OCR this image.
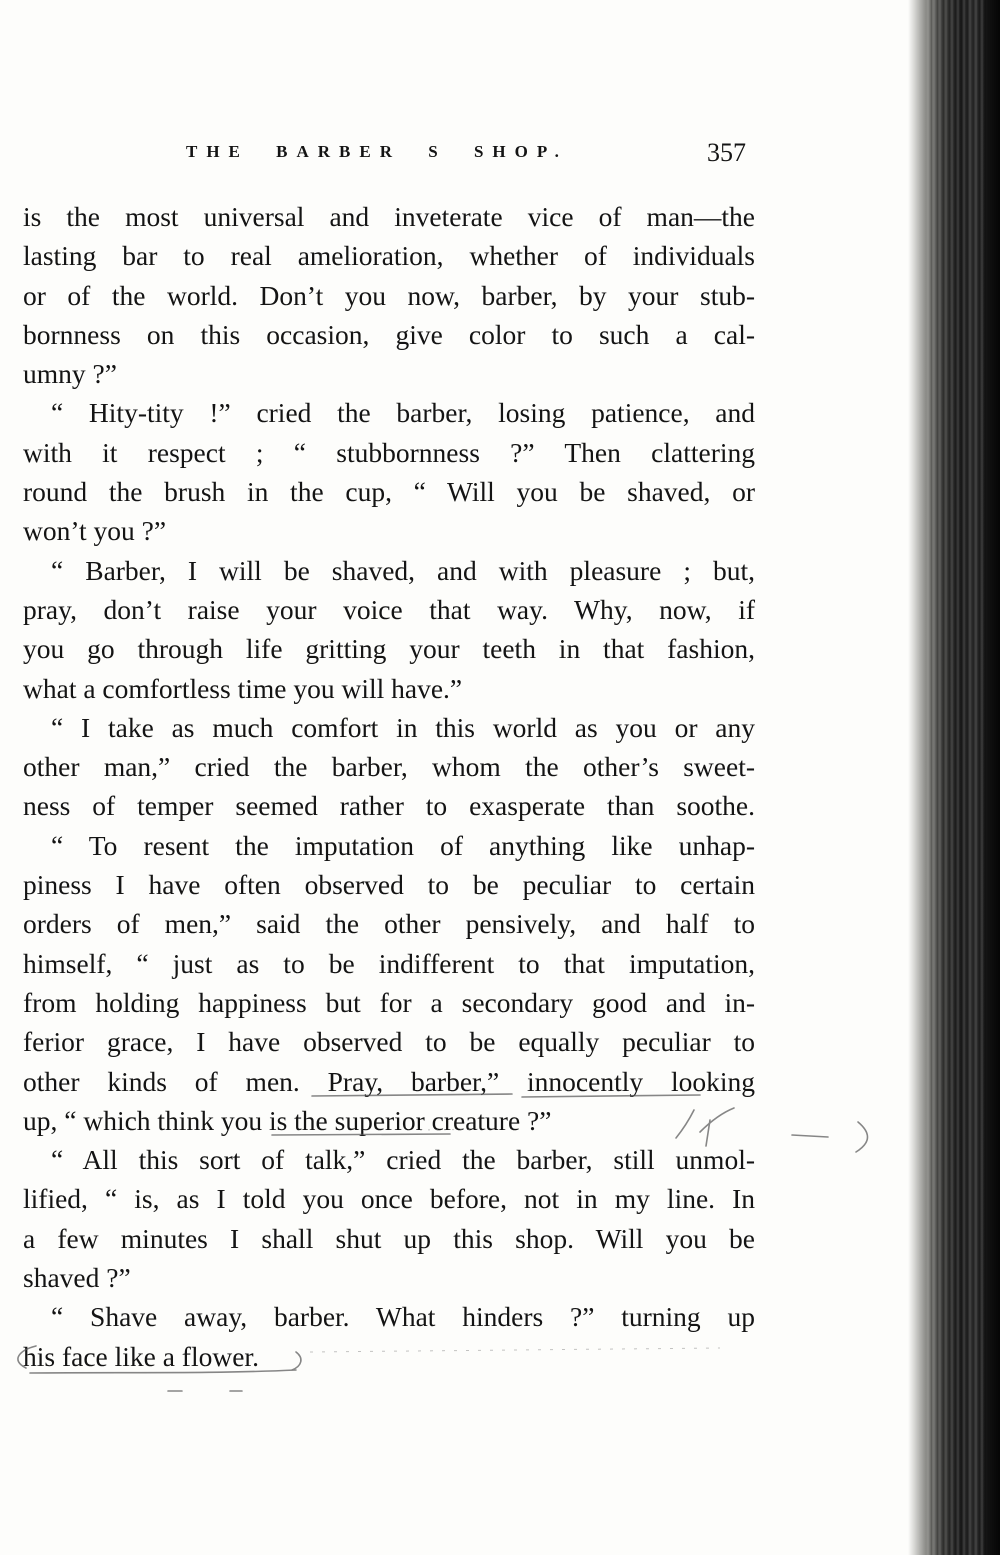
THE BARBER S SHOP.	357
is the most universal and inveterate vice of man—the
lasting bar to real amelioration, whether of individuals
or of the world. Don’t you now, barber, by your stub-
bornness on this occasion, give color to such a cal-
umny ?”
“ Hity-tity !” cried the barber, losing patience, and
with it respect ; “ stubbornness ?” Then clattering
round the brush in the cup, “ Will you be shaved, or
won’t you ?”
“ Barber, I will be shaved, and with pleasure ; but,
pray, don’t raise your voice that way. Why, now, if
you go through life gritting your teeth in that fashion,
what a comfortless time you will have.”
“ I take as much comfort in this world as you or any
other man,” cried the barber, whom the other’s sweet-
ness of temper seemed rather to exasperate than soothe.
“ To resent the imputation of anything like unhap-
piness I have often observed to be peculiar to certain
orders of men,” said the other pensively, and half to
himself, “ just as to be indifferent to that imputation,
from holding happiness but for a secondary good and in-
ferior grace, I have observed to be equally peculiar to
other kinds of men. Pray, barber,” innocently looking
up, “ which think you is the superior creature ?”
“ All this sort of talk,” cried the barber, still unmol-
lified, “ is, as I told you once before, not in my line. In
a few minutes I shall shut up this shop. Will you be
shaved ?”
“ Shave away, barber. What hinders ?” turning up
his face like a flower.
